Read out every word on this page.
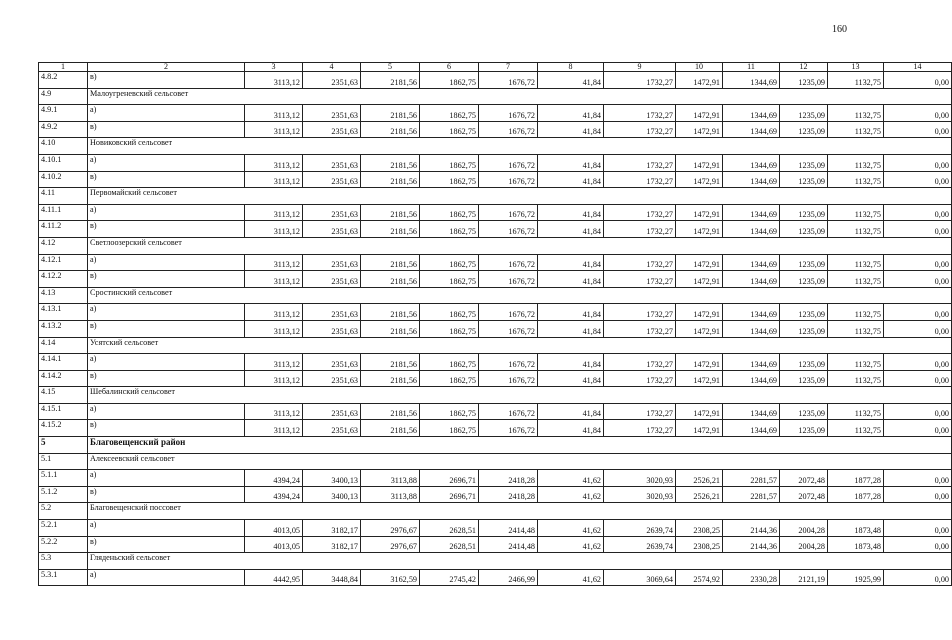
160
1	2	3	4	5	6	7	8	9	10	11	12	13	14
4.8.2	в)	3113,12	2351,63	2181,56	1862,75	1676,72	41,84	1732,27	1472,91	1344,69	1235,09	1132,75	0,00
4.9	Малоугреневский сельсовет												
4.9.1	а)	3113,12	2351,63	2181,56	1862,75	1676,72	41,84	1732,27	1472,91	1344,69	1235,09	1132,75	0,00
4.9.2	в)	3113,12	2351,63	2181,56	1862,75	1676,72	41,84	1732,27	1472,91	1344,69	1235,09	1132,75	0,00
4.10	Новиковский сельсовет												
4.10.1	а)	3113,12	2351,63	2181,56	1862,75	1676,72	41,84	1732,27	1472,91	1344,69	1235,09	1132,75	0,00
4.10.2	в)	3113,12	2351,63	2181,56	1862,75	1676,72	41,84	1732,27	1472,91	1344,69	1235,09	1132,75	0,00
4.11	Первомайский сельсовет												
4.11.1	а)	3113,12	2351,63	2181,56	1862,75	1676,72	41,84	1732,27	1472,91	1344,69	1235,09	1132,75	0,00
4.11.2	в)	3113,12	2351,63	2181,56	1862,75	1676,72	41,84	1732,27	1472,91	1344,69	1235,09	1132,75	0,00
4.12	Светлоозерский сельсовет												
4.12.1	а)	3113,12	2351,63	2181,56	1862,75	1676,72	41,84	1732,27	1472,91	1344,69	1235,09	1132,75	0,00
4.12.2	в)	3113,12	2351,63	2181,56	1862,75	1676,72	41,84	1732,27	1472,91	1344,69	1235,09	1132,75	0,00
4.13	Сростинский сельсовет												
4.13.1	а)	3113,12	2351,63	2181,56	1862,75	1676,72	41,84	1732,27	1472,91	1344,69	1235,09	1132,75	0,00
4.13.2	в)	3113,12	2351,63	2181,56	1862,75	1676,72	41,84	1732,27	1472,91	1344,69	1235,09	1132,75	0,00
4.14	Усятский сельсовет												
4.14.1	а)	3113,12	2351,63	2181,56	1862,75	1676,72	41,84	1732,27	1472,91	1344,69	1235,09	1132,75	0,00
4.14.2	в)	3113,12	2351,63	2181,56	1862,75	1676,72	41,84	1732,27	1472,91	1344,69	1235,09	1132,75	0,00
4.15	Шебалинский сельсовет												
4.15.1	а)	3113,12	2351,63	2181,56	1862,75	1676,72	41,84	1732,27	1472,91	1344,69	1235,09	1132,75	0,00
4.15.2	в)	3113,12	2351,63	2181,56	1862,75	1676,72	41,84	1732,27	1472,91	1344,69	1235,09	1132,75	0,00
5	Благовещенский район												
5.1	Алексеевский сельсовет												
5.1.1	а)	4394,24	3400,13	3113,88	2696,71	2418,28	41,62	3020,93	2526,21	2281,57	2072,48	1877,28	0,00
5.1.2	в)	4394,24	3400,13	3113,88	2696,71	2418,28	41,62	3020,93	2526,21	2281,57	2072,48	1877,28	0,00
5.2	Благовещенский поссовет												
5.2.1	а)	4013,05	3182,17	2976,67	2628,51	2414,48	41,62	2639,74	2308,25	2144,36	2004,28	1873,48	0,00
5.2.2	в)	4013,05	3182,17	2976,67	2628,51	2414,48	41,62	2639,74	2308,25	2144,36	2004,28	1873,48	0,00
5.3	Гляденьский сельсовет												
5.3.1	а)	4442,95	3448,84	3162,59	2745,42	2466,99	41,62	3069,64	2574,92	2330,28	2121,19	1925,99	0,00
